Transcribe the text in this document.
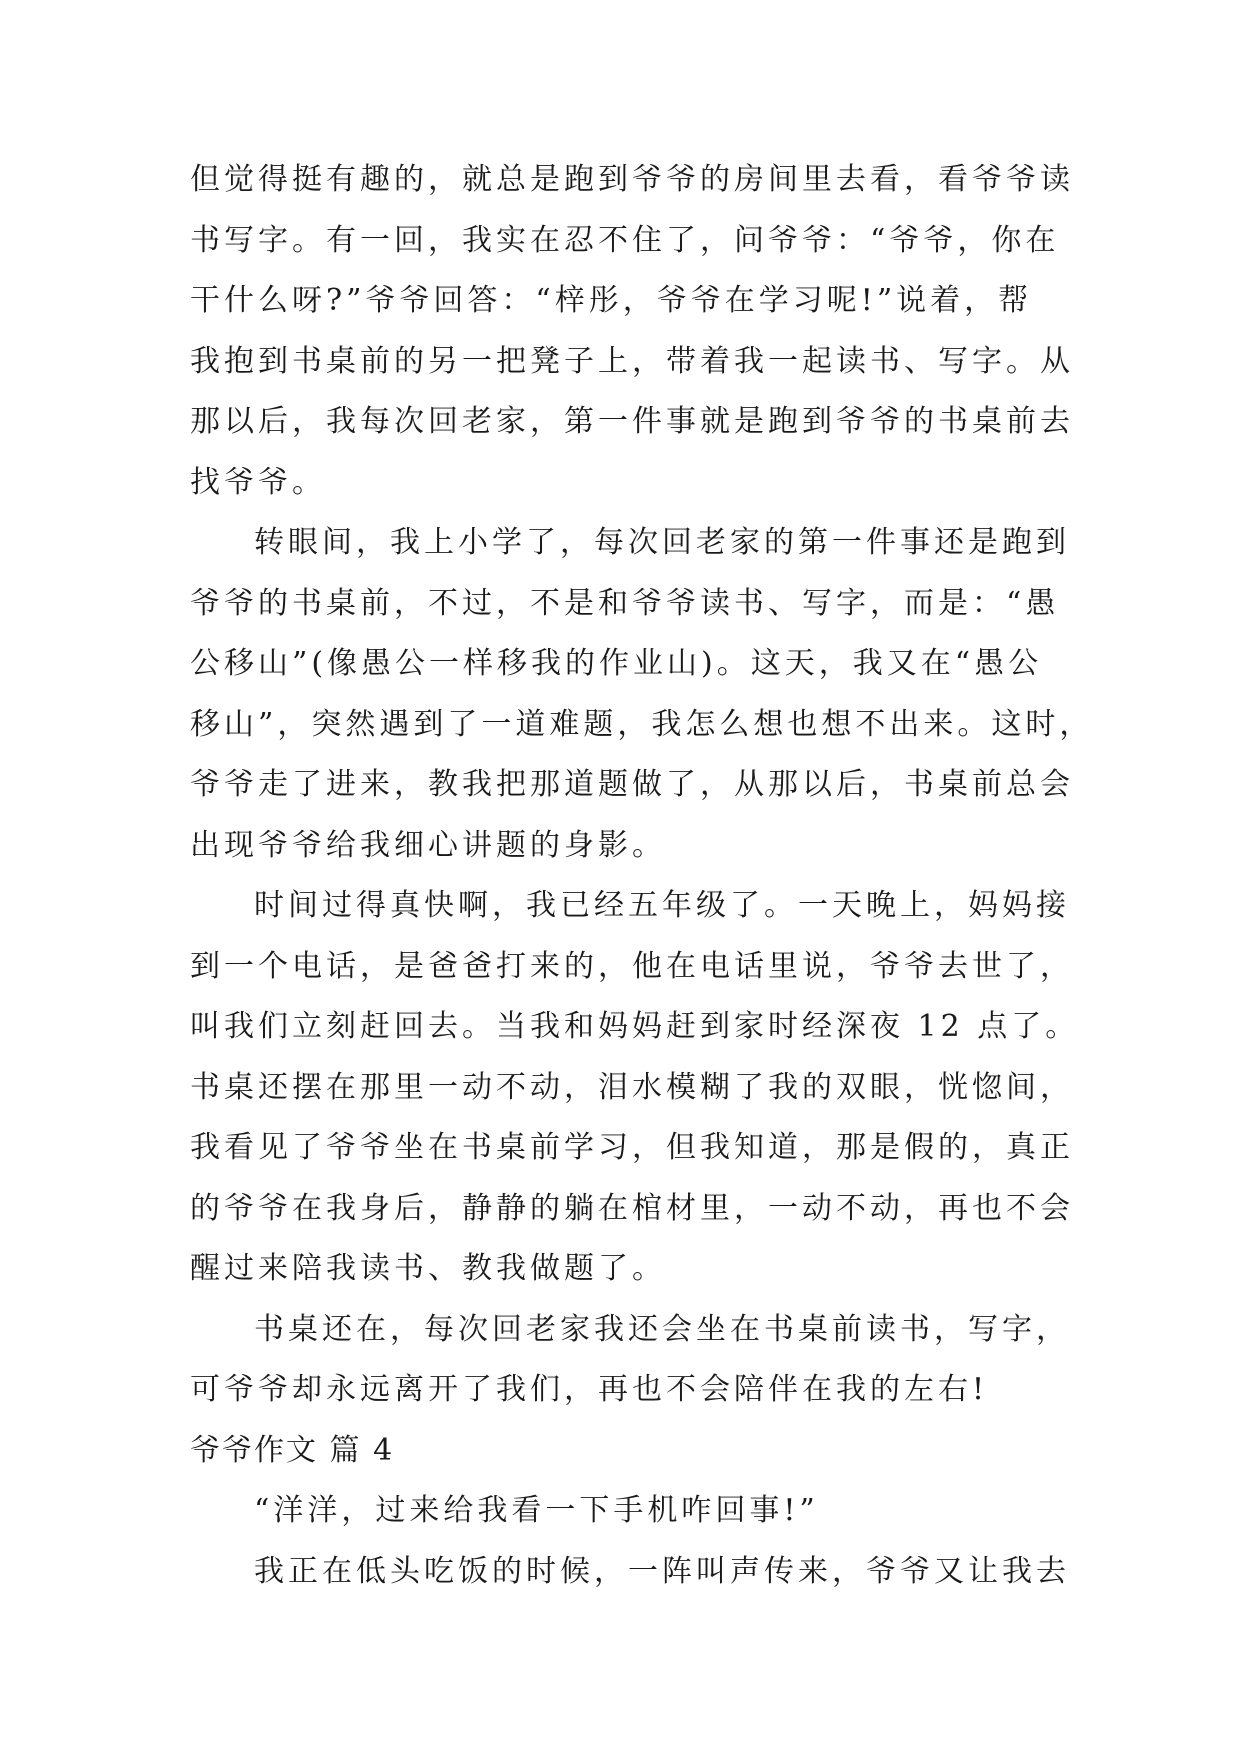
但觉得挺有趣的，就总是跑到爷爷的房间里去看，看爷爷读
书写字。有一回，我实在忍不住了，问爷爷：“爷爷，你在
干什么呀?”爷爷回答：“梓彤，爷爷在学习呢!”说着，帮
我抱到书桌前的另一把凳子上，带着我一起读书、写字。从
那以后，我每次回老家，第一件事就是跑到爷爷的书桌前去
找爷爷。
转眼间，我上小学了，每次回老家的第一件事还是跑到
爷爷的书桌前，不过，不是和爷爷读书、写字，而是：“愚
公移山”(像愚公一样移我的作业山)。这天，我又在“愚公
移山”，突然遇到了一道难题，我怎么想也想不出来。这时，
爷爷走了进来，教我把那道题做了，从那以后，书桌前总会
出现爷爷给我细心讲题的身影。
时间过得真快啊，我已经五年级了。一天晚上，妈妈接
到一个电话，是爸爸打来的，他在电话里说，爷爷去世了，
叫我们立刻赶回去。当我和妈妈赶到家时经深夜 12 点了。
书桌还摆在那里一动不动，泪水模糊了我的双眼，恍惚间，
我看见了爷爷坐在书桌前学习，但我知道，那是假的，真正
的爷爷在我身后，静静的躺在棺材里，一动不动，再也不会
醒过来陪我读书、教我做题了。
书桌还在，每次回老家我还会坐在书桌前读书，写字，
可爷爷却永远离开了我们，再也不会陪伴在我的左右!
爷爷作文 篇 4
“洋洋，过来给我看一下手机咋回事!”
我正在低头吃饭的时候，一阵叫声传来，爷爷又让我去
